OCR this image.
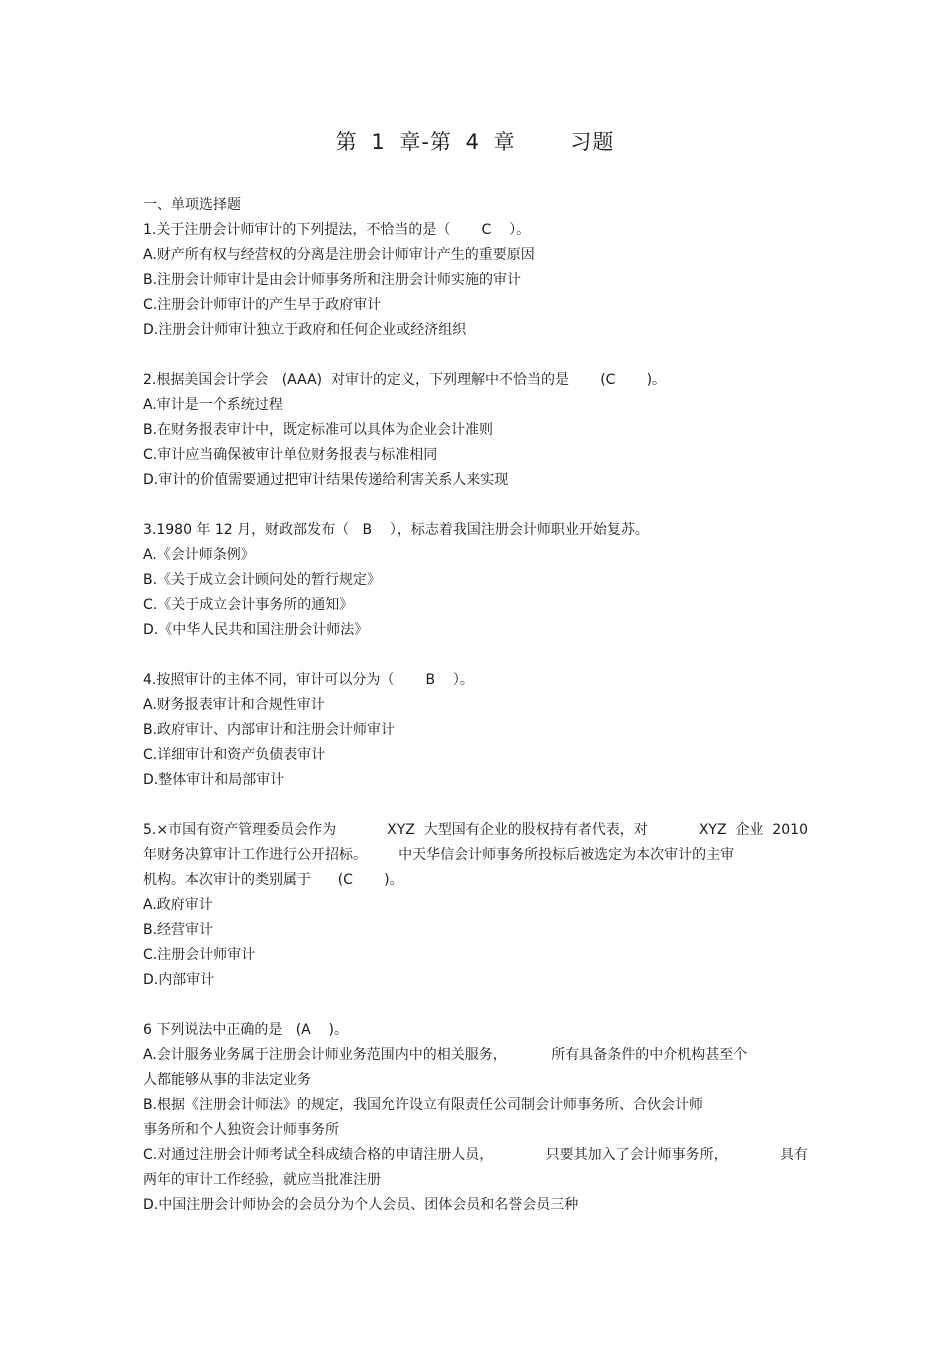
第 1 章-第 4 章    习题
一、单项选择题
1.关于注册会计师审计的下列提法，不恰当的是（       C    ）。
A.财产所有权与经营权的分离是注册会计师审计产生的重要原因
B.注册会计师审计是由会计师事务所和注册会计师实施的审计
C.注册会计师审计的产生早于政府审计
D.注册会计师审计独立于政府和任何企业或经济组织
2.根据美国会计学会   (AAA)  对审计的定义，下列理解中不恰当的是       (C       )。
A.审计是一个系统过程
B.在财务报表审计中，既定标准可以具体为企业会计准则
C.审计应当确保被审计单位财务报表与标准相同
D.审计的价值需要通过把审计结果传递给利害关系人来实现
3.1980 年 12 月，财政部发布（   B    ），标志着我国注册会计师职业开始复苏。
A.《会计师条例》
B.《关于成立会计顾问处的暂行规定》
C.《关于成立会计事务所的通知》
D.《中华人民共和国注册会计师法》
4.按照审计的主体不同，审计可以分为（       B    ）。
A.财务报表审计和合规性审计
B.政府审计、内部审计和注册会计师审计
C.详细审计和资产负债表审计
D.整体审计和局部审计
5.×市国有资产管理委员会作为	XYZ  大型国有企业的股权持有者代表，对	XYZ  企业  2010
年财务决算审计工作进行公开招标。       中天华信会计师事务所投标后被选定为本次审计的主审
机构。本次审计的类别属于      (C       )。
A.政府审计
B.经营审计
C.注册会计师审计
D.内部审计
6 下列说法中正确的是   (A    )。
A.会计服务业务属于注册会计师业务范围内中的相关服务，          所有具备条件的中介机构甚至个
人都能够从事的非法定业务
B.根据《注册会计师法》的规定，我国允许设立有限责任公司制会计师事务所、合伙会计师
事务所和个人独资会计师事务所
C.对通过注册会计师考试全科成绩合格的申请注册人员，	只要其加入了会计师事务所，	具有
两年的审计工作经验，就应当批准注册
D.中国注册会计师协会的会员分为个人会员、团体会员和名誉会员三种
